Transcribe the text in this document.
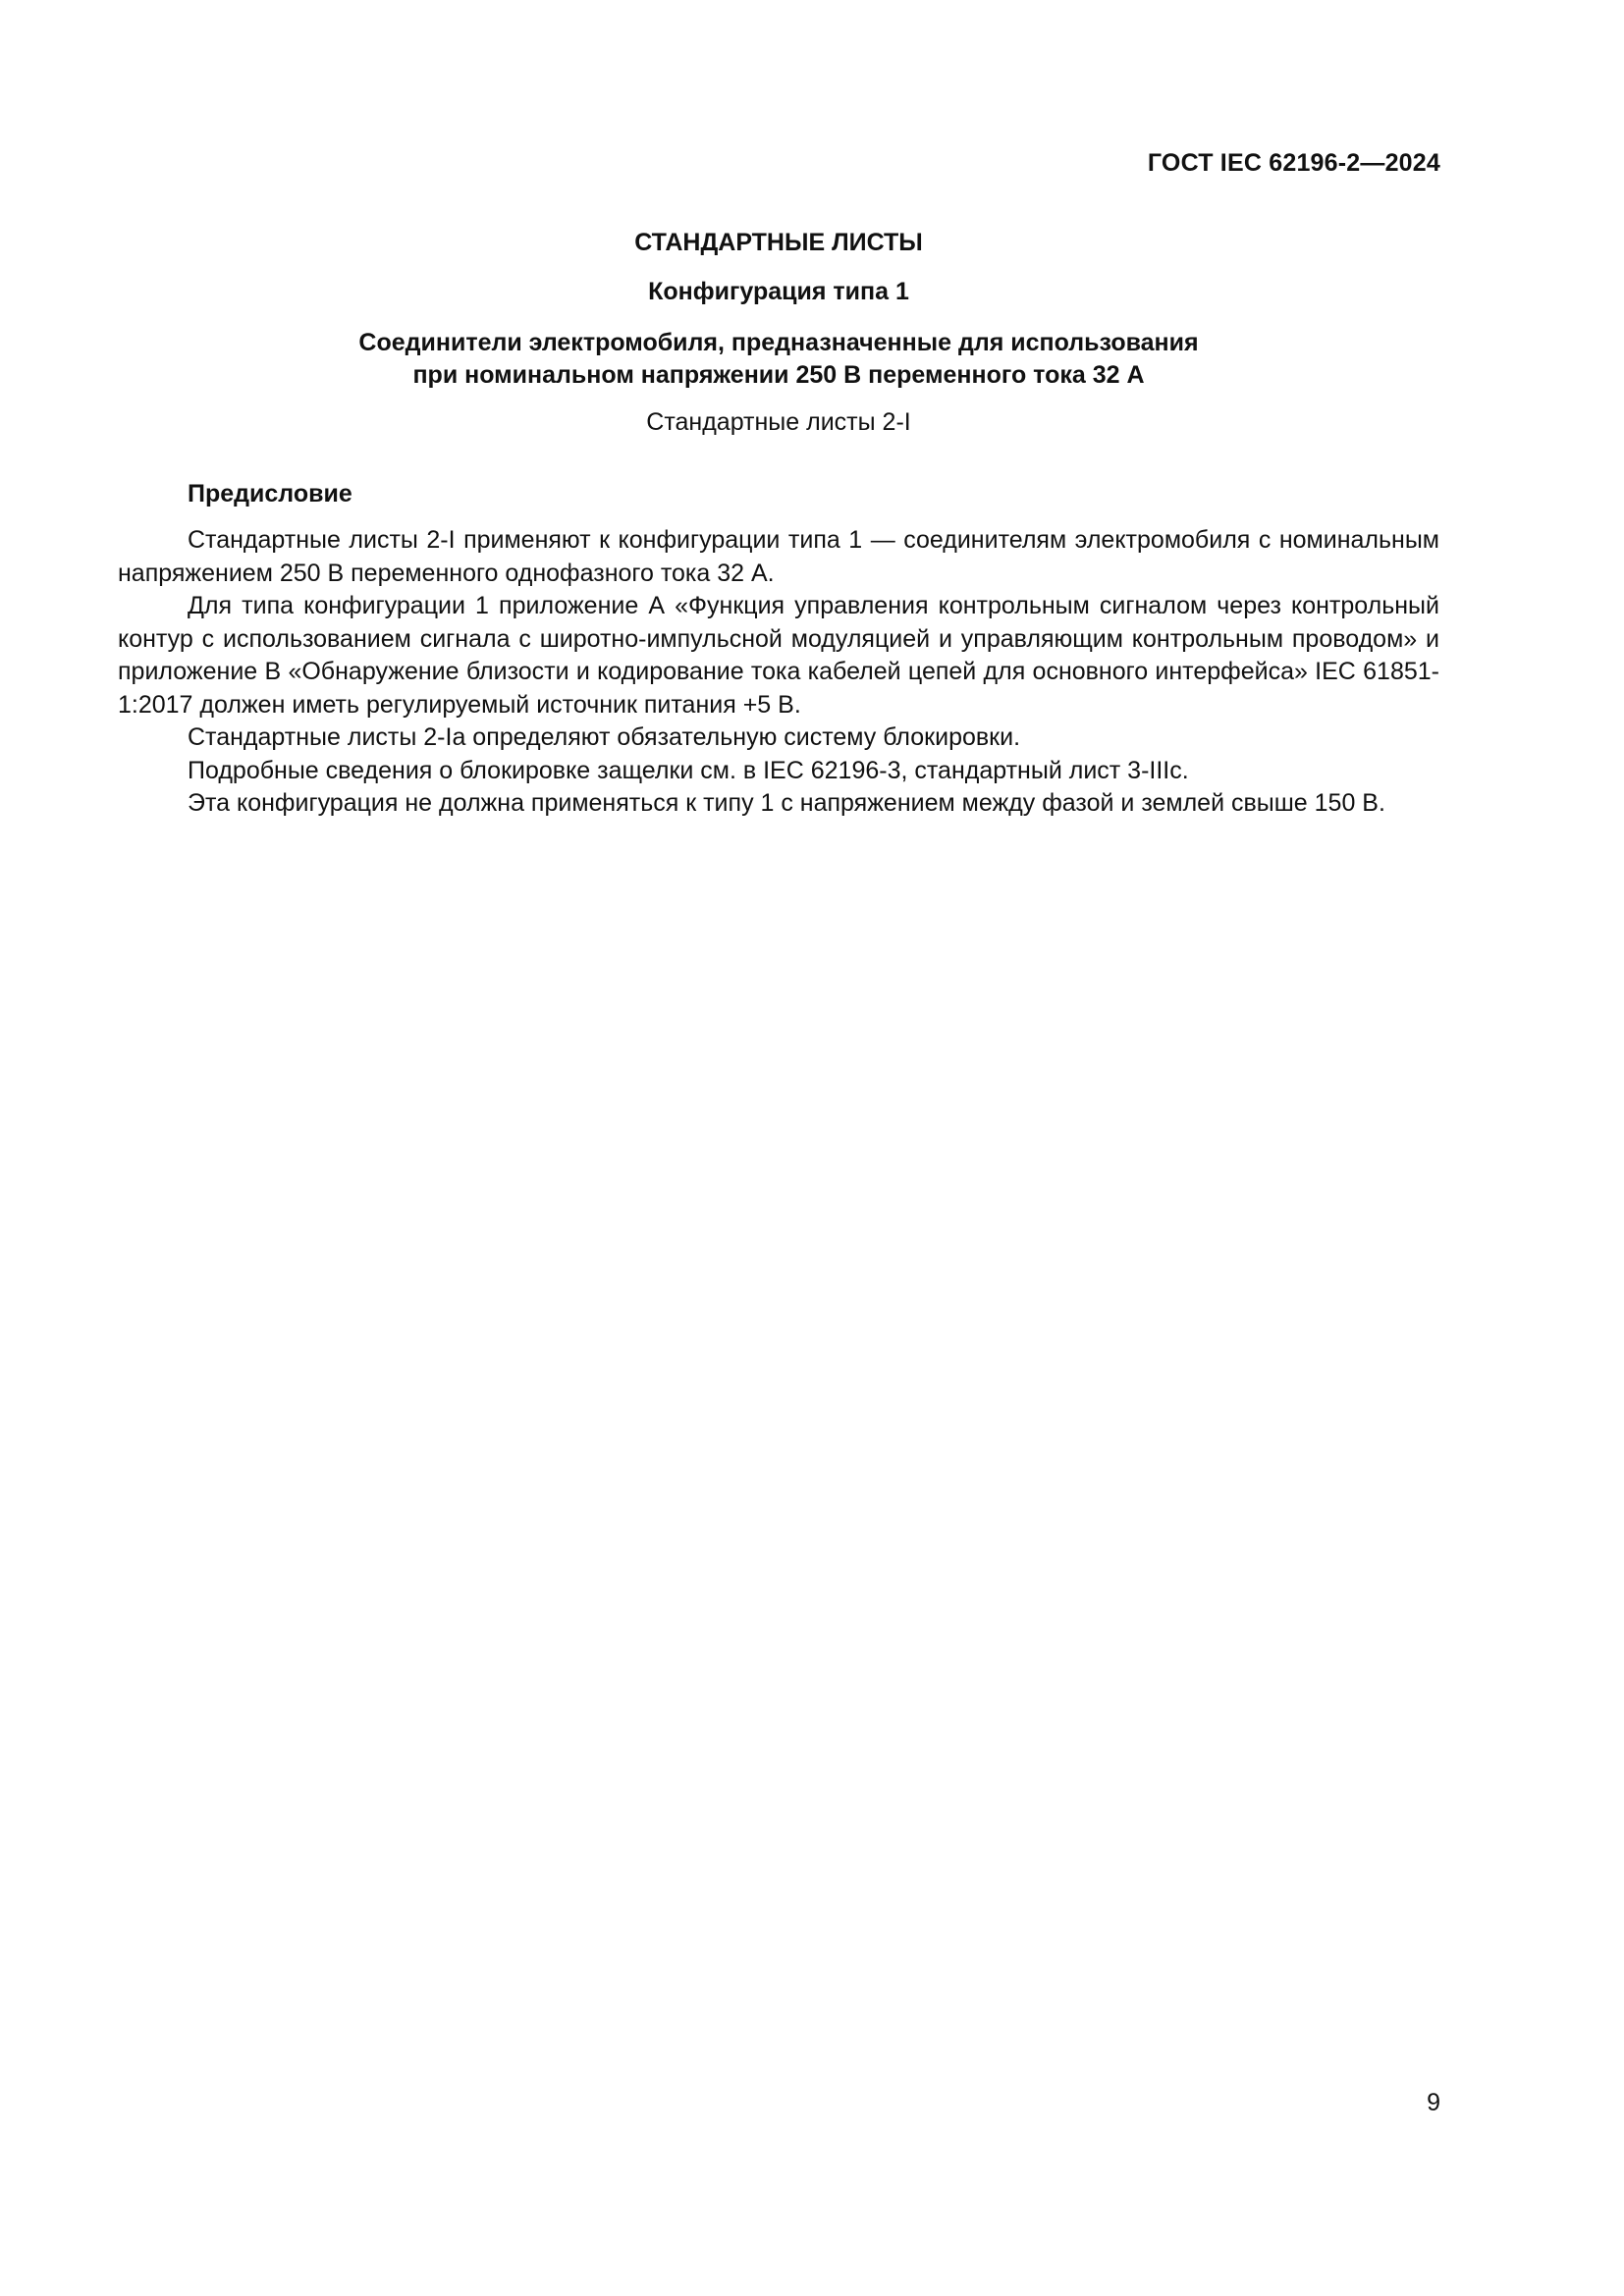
ГОСТ IEC 62196-2—2024
СТАНДАРТНЫЕ ЛИСТЫ
Конфигурация типа 1
Соединители электромобиля, предназначенные для использования
при номинальном напряжении 250 В переменного тока 32 А
Стандартные листы 2-I
Предисловие

Стандартные листы 2-I применяют к конфигурации типа 1 — соединителям электромобиля с номинальным напряжением 250 В переменного однофазного тока 32 А.

Для типа конфигурации 1 приложение А «Функция управления контрольным сигналом через контрольный контур с использованием сигнала с широтно-импульсной модуляцией и управляющим контрольным проводом» и приложение В «Обнаружение близости и кодирование тока кабелей цепей для основного интерфейса» IEC 61851-1:2017 должен иметь регулируемый источник питания +5 В.

Стандартные листы 2-Ia определяют обязательную систему блокировки.

Подробные сведения о блокировке защелки см. в IEC 62196-3, стандартный лист 3-IIIc.

Эта конфигурация не должна применяться к типу 1 с напряжением между фазой и землей свыше 150 В.

9
